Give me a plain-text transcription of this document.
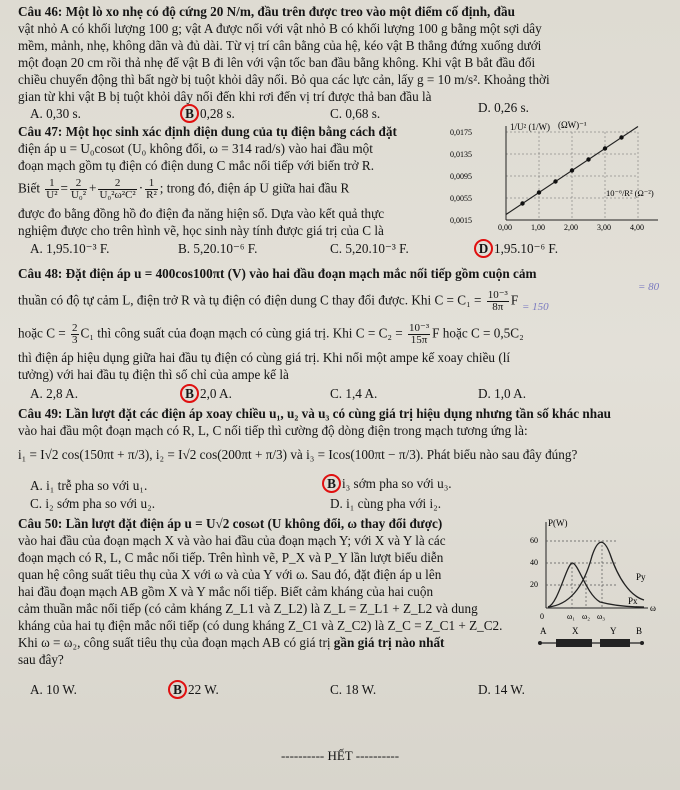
Câu 46: Một lò xo nhẹ có độ cứng 20 N/m, đầu trên được treo vào một điểm cố định, đầu
vật nhỏ A có khối lượng 100 g; vật A được nối với vật nhỏ B có khối lượng 100 g bằng một sợi dây
mềm, mảnh, nhẹ, không dãn và đủ dài. Từ vị trí cân bằng của hệ, kéo vật B thẳng đứng xuống dưới
một đoạn 20 cm rồi thả nhẹ để vật B đi lên với vận tốc ban đầu bằng không. Khi vật B bắt đầu đổi
chiều chuyển động thì bất ngờ bị tuột khỏi dây nối. Bỏ qua các lực cản, lấy g = 10 m/s². Khoảng thời
gian từ khi vật B bị tuột khỏi dây nối đến khi rơi đến vị trí được thả ban đầu là
A. 0,30 s.	B 0,28 s.	C. 0,68 s.	D. 0,26 s.
Câu 47: Một học sinh xác định điện dung của tụ điện bằng cách đặt
điện áp u = U₀cosωt (U₀ không đổi, ω = 314 rad/s) vào hai đầu một
đoạn mạch gồm tụ điện có điện dung C mắc nối tiếp với biến trở R.
Biết $\frac{1}{\text{U²}} = \frac{2}{\text{U₀²}} + \frac{2}{\text{U₀²ω²C²}} \cdot \frac{1}{\text{R²}}$ ; trong đó, điện áp U giữa hai đầu R
được đo bằng đồng hồ đo điện đa năng hiện số. Dựa vào kết quả thực
nghiệm được cho trên hình vẽ, học sinh này tính được giá trị của C là
A. 1,95.10⁻³ F.	B. 5,20.10⁻⁶ F.	C. 5,20.10⁻³ F.	D 1,95.10⁻⁶ F.
1/U² (1/W) (ΩW)⁻¹
10⁻⁶/R² (Ω⁻²)
0,0175
0,0135
0,0095
0,0055
0,0015
0,00 1,00 2,00 3,00 4,00
Câu 48: Đặt điện áp u = 400cos100πt (V) vào hai đầu đoạn mạch mắc nối tiếp gồm cuộn cảm
thuần có độ tự cảm L, điện trở R và tụ điện có điện dung C thay đổi được. Khi $C = C_1 = \frac{\text{10⁻³}}{8\pi}$ F
= 80
= 150
hoặc $C = \frac{2}{3} C_1$ thì công suất của đoạn mạch có cùng giá trị. Khi $C = C_2 = \frac{\text{10⁻³}}{15\pi}$ F hoặc C = 0,5C₂
thì điện áp hiệu dụng giữa hai đầu tụ điện có cùng giá trị. Khi nối một ampe kế xoay chiều (lí
tưởng) với hai đầu tụ điện thì số chỉ của ampe kế là
A. 2,8 A.	B 2,0 A.	C. 1,4 A.	D. 1,0 A.
Câu 49: Lần lượt đặt các điện áp xoay chiều u₁, u₂ và u₃ có cùng giá trị hiệu dụng nhưng tần số khác nhau
vào hai đầu một đoạn mạch có R, L, C nối tiếp thì cường độ dòng điện trong mạch tương ứng là:
i₁ = I√2 cos(150πt + π/3), i₂ = I√2 cos(200πt + π/3) và i₃ = Icos(100πt − π/3). Phát biểu nào sau đây đúng?
A. i₁ trễ pha so với u₁.	B i₃ sớm pha so với u₃.
C. i₂ sớm pha so với u₂.	D. i₁ cùng pha với i₂.
Câu 50: Lần lượt đặt điện áp u = U√2 cosωt (U không đổi, ω thay đổi được)
vào hai đầu của đoạn mạch X và vào hai đầu của đoạn mạch Y; với X và Y là các
đoạn mạch có R, L, C mắc nối tiếp. Trên hình vẽ, P_X và P_Y lần lượt biểu diễn
quan hệ công suất tiêu thụ của X với ω và của Y với ω. Sau đó, đặt điện áp u lên
hai đầu đoạn mạch AB gồm X và Y mắc nối tiếp. Biết cảm kháng của hai cuộn
cảm thuần mắc nối tiếp (có cảm kháng Z_L1 và Z_L2) là Z_L = Z_L1 + Z_L2 và dung
kháng của hai tụ điện mắc nối tiếp (có dung kháng Z_C1 và Z_C2) là Z_C = Z_C1 + Z_C2.
Khi ω = ω₂, công suất tiêu thụ của đoạn mạch AB có giá trị gần giá trị nào nhất
sau đây?
A. 10 W.	B 22 W.	C. 18 W.	D. 14 W.
P(W)
ω
60
40
20
Py
Px
0	ω₁ ω₂ ω₃
A	X	Y B
---------- HẾT ----------
